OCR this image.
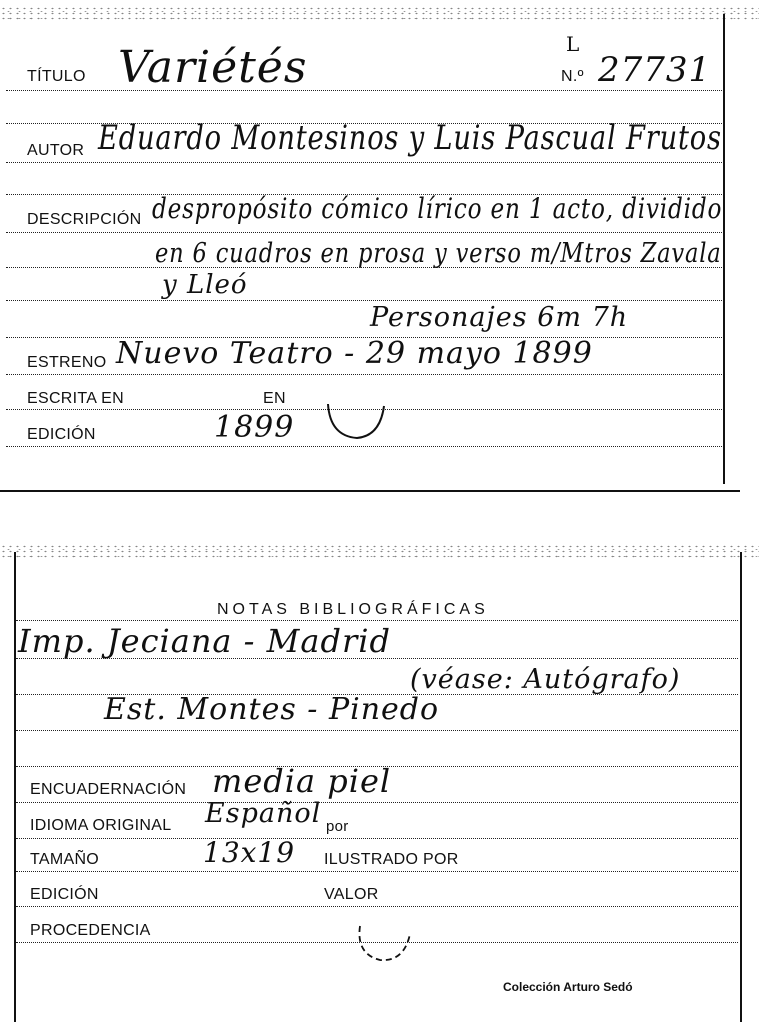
TÍTULO Variétés	L
N.º 27731
AUTOR Eduardo Montesinos y Luis Pascual Frutos
DESCRIPCIÓN despropósito cómico lírico en 1 acto, dividido
en 6 cuadros en prosa y verso m/Mtros Zavala
y Lleó
Personajes 6m 7h
ESTRENO Nuevo Teatro - 29 mayo 1899
ESCRITA EN	EN
EDICIÓN	1899
NOTAS BIBLIOGRÁFICAS
Imp. Jeciana - Madrid
(véase: Autógrafo)
Est. Montes - Pinedo
ENCUADERNACIÓN media piel
IDIOMA ORIGINAL Español por
TAMAÑO	13x19 ILUSTRADO POR
EDICIÓN	VALOR
PROCEDENCIA
Colección Arturo Sedó
